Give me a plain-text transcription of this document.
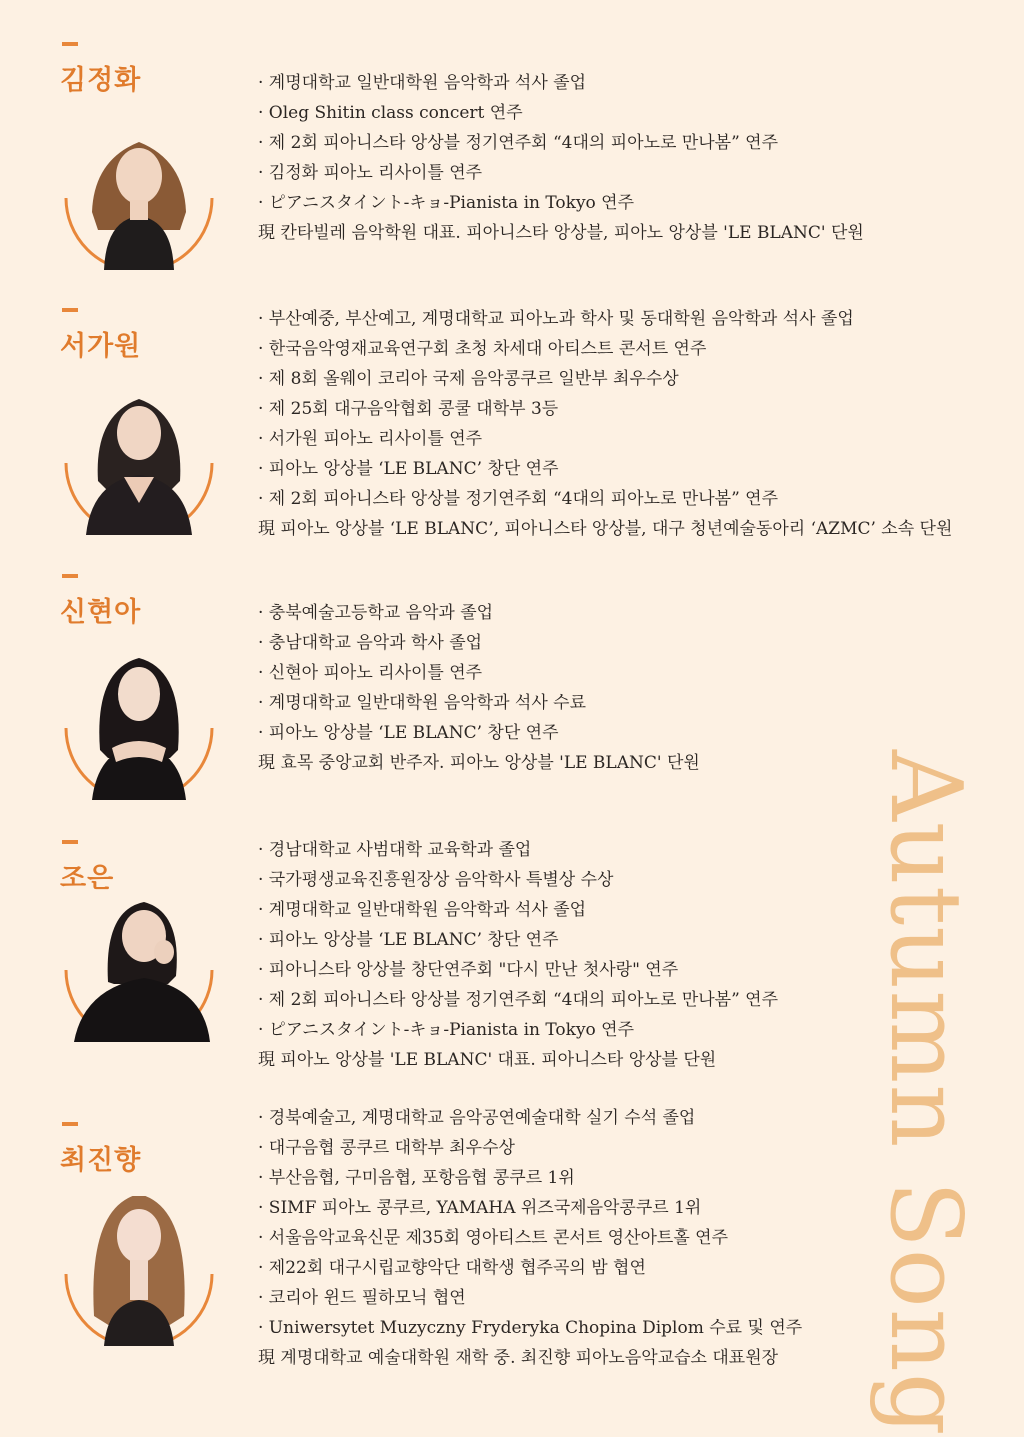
김정화	· 계명대학교 일반대학원 음악학과 석사 졸업
· Oleg Shitin class concert 연주
· 제 2회 피아니스타 앙상블 정기연주회 “4대의 피아노로 만나봄” 연주
· 김정화 피아노 리사이틀 연주
· ピアニスタイント-キョ-Pianista in Tokyo 연주
現 칸타빌레 음악학원 대표. 피아니스타 앙상블, 피아노 앙상블 'LE BLANC' 단원
서가원
· 부산예중, 부산예고, 계명대학교 피아노과 학사 및 동대학원 음악학과 석사 졸업
· 한국음악영재교육연구회 초청 차세대 아티스트 콘서트 연주
· 제 8회 올웨이 코리아 국제 음악콩쿠르 일반부 최우수상
· 제 25회 대구음악협회 콩쿨 대학부 3등
· 서가원 피아노 리사이틀 연주
· 피아노 앙상블 ‘LE BLANC’ 창단 연주
· 제 2회 피아니스타 앙상블 정기연주회 “4대의 피아노로 만나봄” 연주
現 피아노 앙상블 ‘LE BLANC’, 피아니스타 앙상블, 대구 청년예술동아리 ‘AZMC’ 소속 단원
신현아	· 충북예술고등학교 음악과 졸업
· 충남대학교 음악과 학사 졸업
· 신현아 피아노 리사이틀 연주
· 계명대학교 일반대학원 음악학과 석사 수료
· 피아노 앙상블 ‘LE BLANC’ 창단 연주
現 효목 중앙교회 반주자. 피아노 앙상블 'LE BLANC' 단원
조은
· 경남대학교 사범대학 교육학과 졸업
· 국가평생교육진흥원장상 음악학사 특별상 수상
· 계명대학교 일반대학원 음악학과 석사 졸업
· 피아노 앙상블 ‘LE BLANC’ 창단 연주
· 피아니스타 앙상블 창단연주회 "다시 만난 첫사랑" 연주
· 제 2회 피아니스타 앙상블 정기연주회 “4대의 피아노로 만나봄” 연주
· ピアニスタイント-キョ-Pianista in Tokyo 연주
現 피아노 앙상블 'LE BLANC' 대표. 피아니스타 앙상블 단원
최진향
· 경북예술고, 계명대학교 음악공연예술대학 실기 수석 졸업
· 대구음협 콩쿠르 대학부 최우수상
· 부산음협, 구미음협, 포항음협 콩쿠르 1위
· SIMF 피아노 콩쿠르, YAMAHA 위즈국제음악콩쿠르 1위
· 서울음악교육신문 제35회 영아티스트 콘서트 영산아트홀 연주
· 제22회 대구시립교향악단 대학생 협주곡의 밤 협연
· 코리아 윈드 필하모닉 협연
· Uniwersytet Muzyczny Fryderyka Chopina Diplom 수료 및 연주
現 계명대학교 예술대학원 재학 중. 최진향 피아노음악교습소 대표원장 Autumn Song
